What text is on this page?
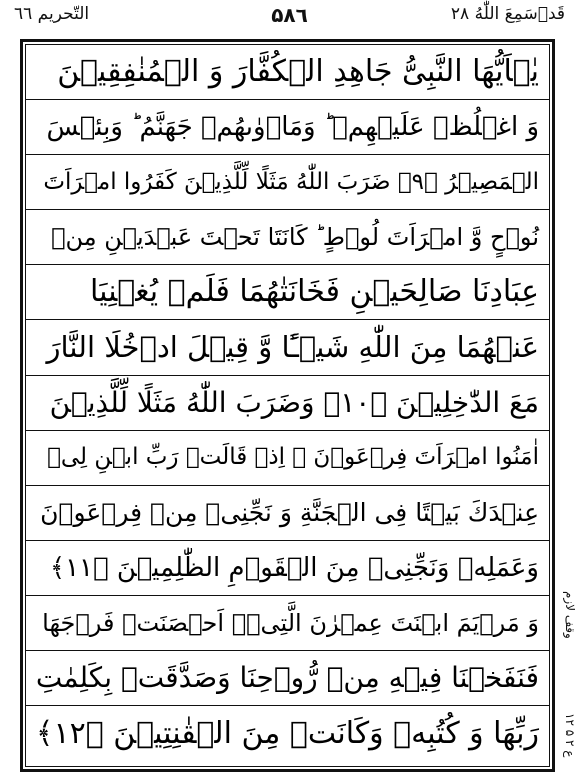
قَدۡسَمِعَ اللّٰهُ ۲۸
۵۸٦
التّحریم ٦٦
یٰۤاَیُّهَا النَّبِیُّ جَاهِدِ الۡكُفَّارَ وَ الۡمُنٰفِقِیۡنَ
وَ اغۡلُظۡ عَلَیۡهِمۡ ؕ وَمَاۡوٰىهُمۡ جَهَنَّمُ ؕ وَبِئۡسَ
الۡمَصِیۡرُ ﴿۹﴾ ضَرَبَ اللّٰهُ مَثَلًا لِّلَّذِیۡنَ كَفَرُوا امۡرَاَتَ
نُوۡحٍ وَّ امۡرَاَتَ لُوۡطٍ ؕ كَانَتَا تَحۡتَ عَبۡدَیۡنِ مِنۡ
عِبَادِنَا صَالِحَیۡنِ فَخَانَتٰهُمَا فَلَمۡ یُغۡنِیَا
عَنۡهُمَا مِنَ اللّٰهِ شَیۡـًٔا وَّ قِیۡلَ ادۡخُلَا النَّارَ
مَعَ الدّٰخِلِیۡنَ ﴿۱۰﴾ وَضَرَبَ اللّٰهُ مَثَلًا لِّلَّذِیۡنَ
اٰمَنُوا امۡرَاَتَ فِرۡعَوۡنَ ۘ اِذۡ قَالَتۡ رَبِّ ابۡنِ لِیۡ
عِنۡدَكَ بَیۡتًا فِی الۡجَنَّةِ وَ نَجِّنِیۡ مِنۡ فِرۡعَوۡنَ
وَعَمَلِهٖ وَنَجِّنِیۡ مِنَ الۡقَوۡمِ الظّٰلِمِیۡنَ ﴿۱۱﴾
وَ مَرۡیَمَ ابۡنَتَ عِمۡرٰنَ الَّتِیۡۤ اَحۡصَنَتۡ فَرۡجَهَا
فَنَفَخۡنَا فِیۡهِ مِنۡ رُّوۡحِنَا وَصَدَّقَتۡ بِكَلِمٰتِ
رَبِّهَا وَ كُتُبِهٖ وَكَانَتۡ مِنَ الۡقٰنِتِیۡنَ ﴿۱۲﴾
وقف لازم
ع ۲ ۵ ۱۲
